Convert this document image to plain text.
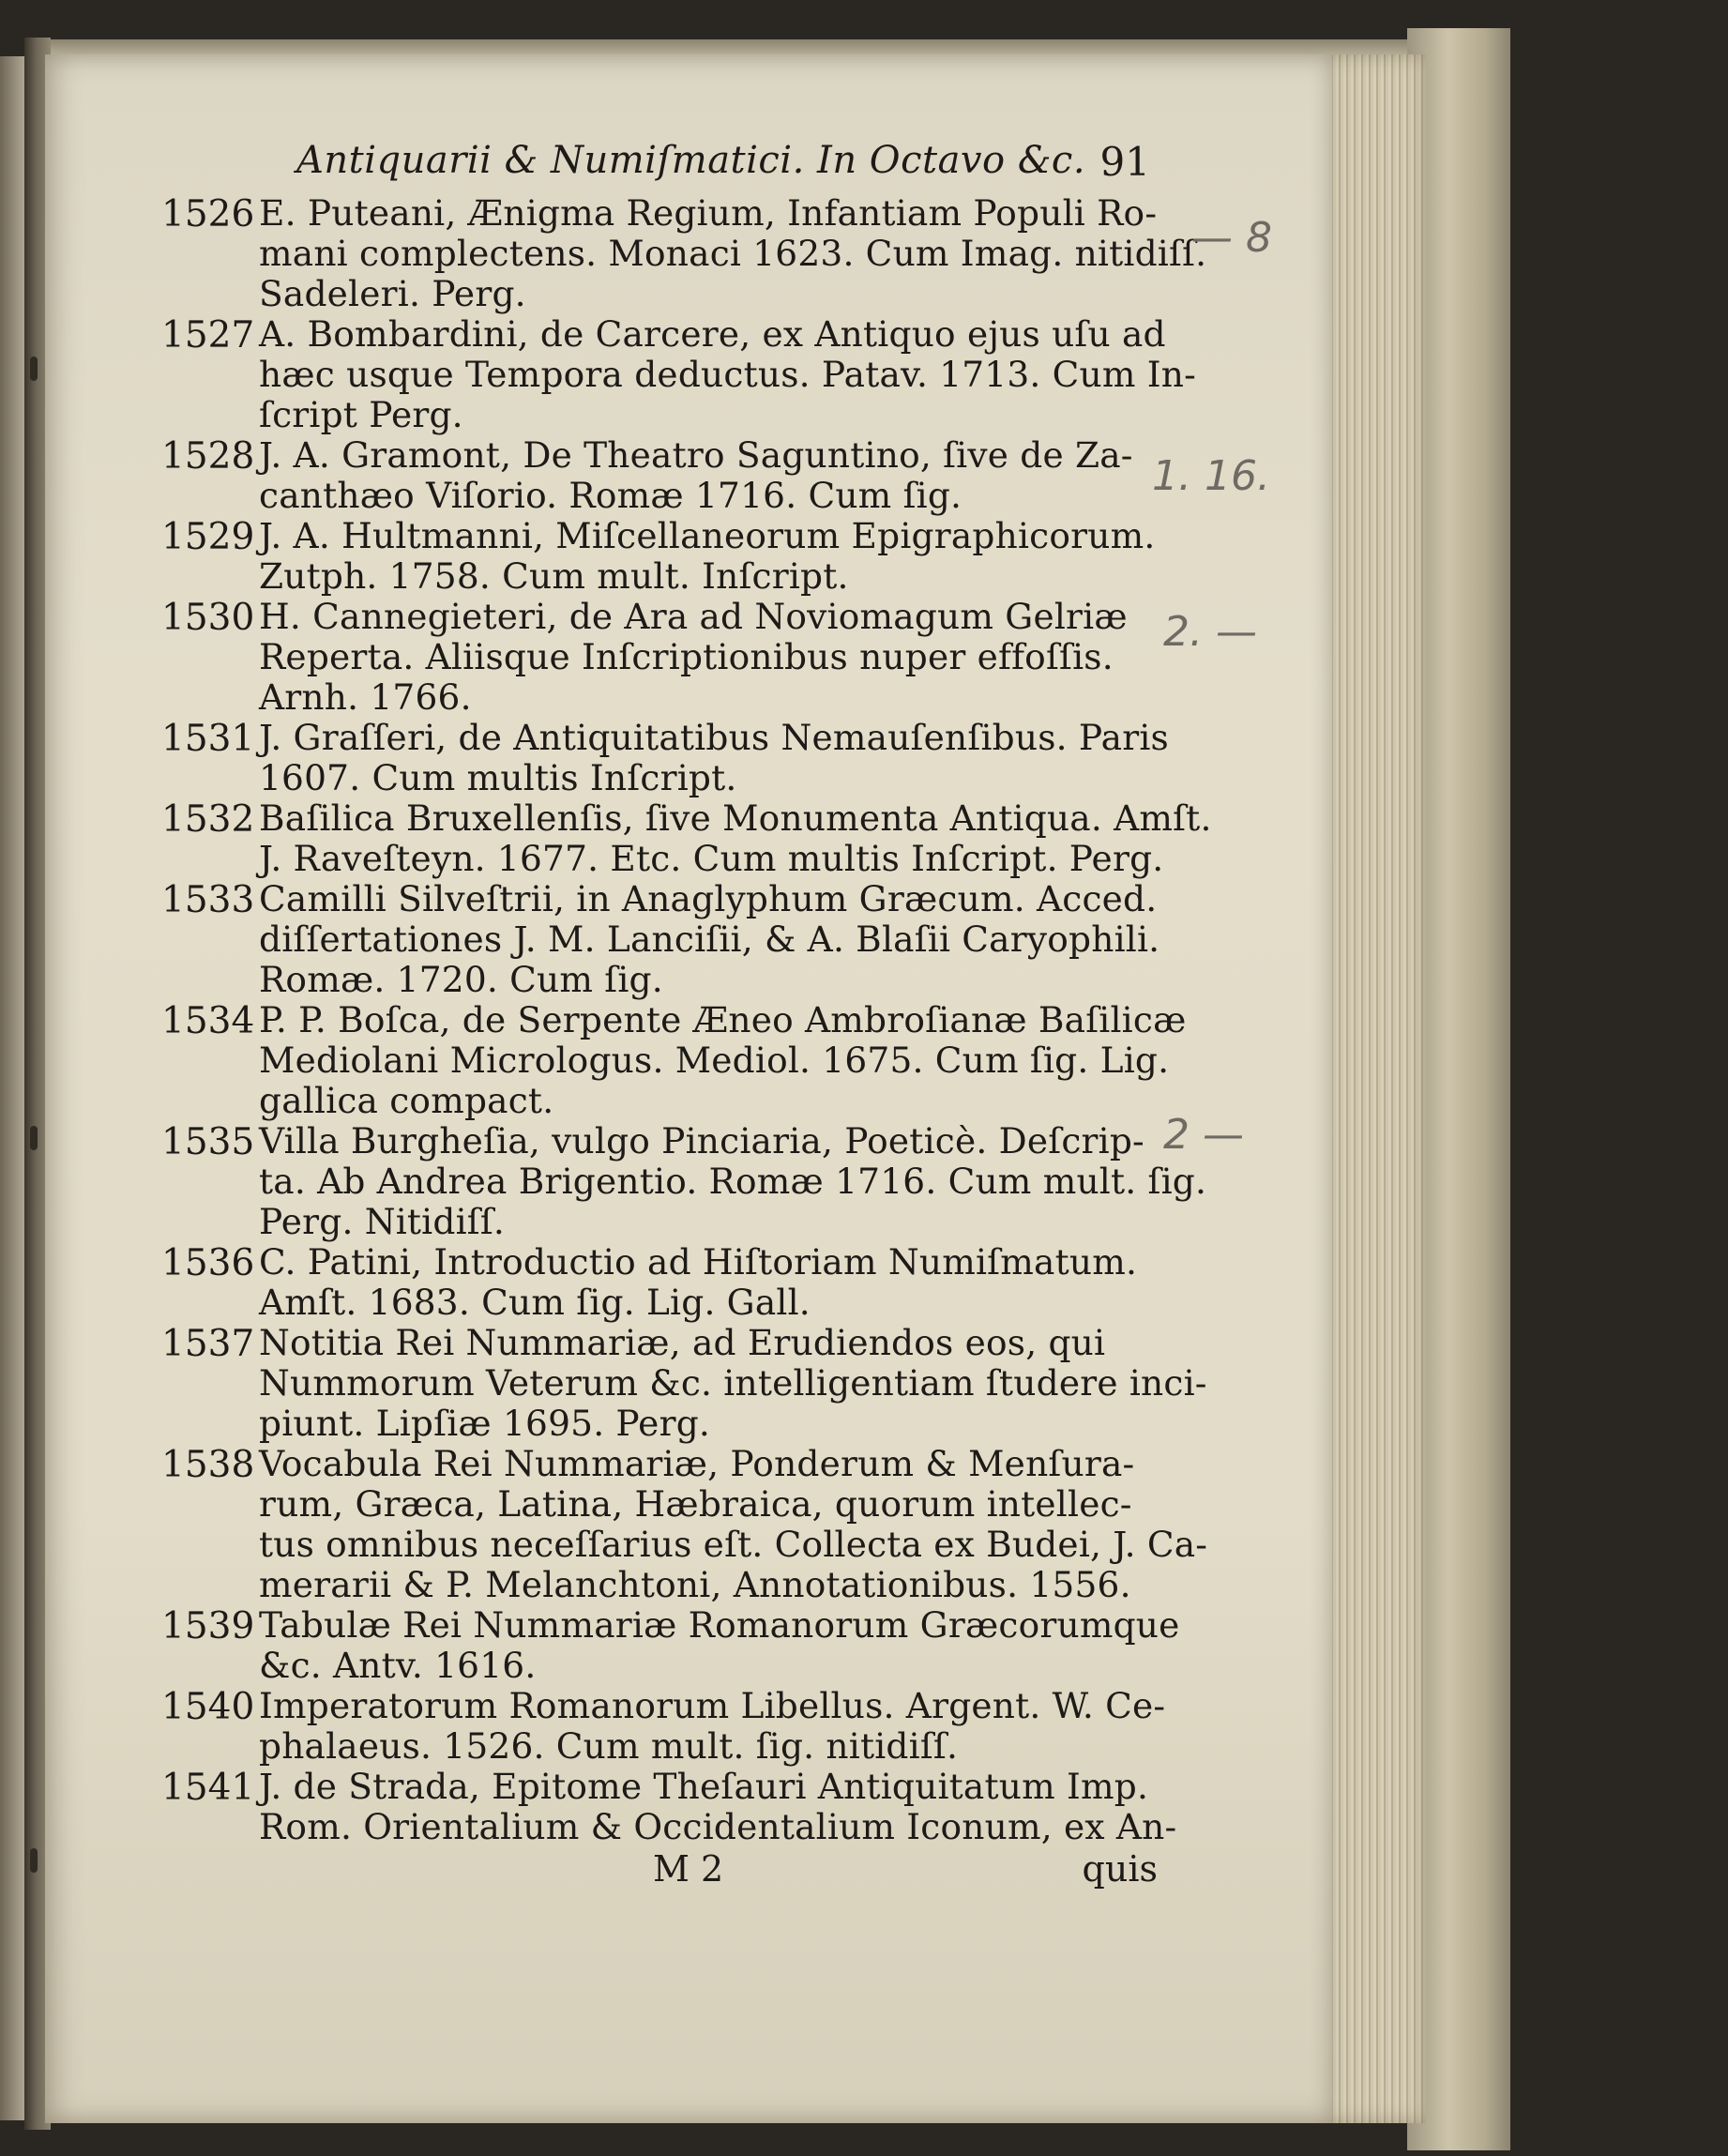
Antiquarii & Numiſmatici. In Octavo &c. 91
1526 E. Puteani, Ænigma Regium, Infantiam Populi Ro-
mani complectens. Monaci 1623. Cum Imag. nitidiſſ.
Sadeleri. Perg.
1527 A. Bombardini, de Carcere, ex Antiquo ejus uſu ad
hæc usque Tempora deductus. Patav. 1713. Cum In-
ſcript Perg.
1528 J. A. Gramont, De Theatro Saguntino, ſive de Za-
canthæo Viſorio. Romæ 1716. Cum ſig.
1529 J. A. Hultmanni, Miſcellaneorum Epigraphicorum.
Zutph. 1758. Cum mult. Inſcript.
1530 H. Cannegieteri, de Ara ad Noviomagum Gelriæ
Reperta. Aliisque Inſcriptionibus nuper effoſſis.
Arnh. 1766.
1531 J. Graſſeri, de Antiquitatibus Nemauſenſibus. Paris
1607. Cum multis Inſcript.
1532 Baſilica Bruxellenſis, ſive Monumenta Antiqua. Amſt.
J. Raveſteyn. 1677. Etc. Cum multis Inſcript. Perg.
1533 Camilli Silveſtrii, in Anaglyphum Græcum. Acced.
diſſertationes J. M. Lanciſii, & A. Blaſii Caryophili.
Romæ. 1720. Cum ſig.
1534 P. P. Boſca, de Serpente Æneo Ambroſianæ Baſilicæ
Mediolani Micrologus. Mediol. 1675. Cum ſig. Lig.
gallica compact.
1535 Villa Burgheſia, vulgo Pinciaria, Poeticè. Deſcrip-
ta. Ab Andrea Brigentio. Romæ 1716. Cum mult. ſig.
Perg. Nitidiſſ.
1536 C. Patini, Introductio ad Hiſtoriam Numiſmatum.
Amſt. 1683. Cum ſig. Lig. Gall.
1537 Notitia Rei Nummariæ, ad Erudiendos eos, qui
Nummorum Veterum &c. intelligentiam ſtudere inci-
piunt. Lipſiæ 1695. Perg.
1538 Vocabula Rei Nummariæ, Ponderum & Menſura-
rum, Græca, Latina, Hæbraica, quorum intellec-
tus omnibus neceſſarius eſt. Collecta ex Budei, J. Ca-
merarii & P. Melanchtoni, Annotationibus. 1556.
1539 Tabulæ Rei Nummariæ Romanorum Græcorumque
&c. Antv. 1616.
1540 Imperatorum Romanorum Libellus. Argent. W. Ce-
phalaeus. 1526. Cum mult. ſig. nitidiſſ.
1541 J. de Strada, Epitome Theſauri Antiquitatum Imp.
Rom. Orientalium & Occidentalium Iconum, ex An-
M 2	quis
— 8
1. 16.
2. —
2 —
